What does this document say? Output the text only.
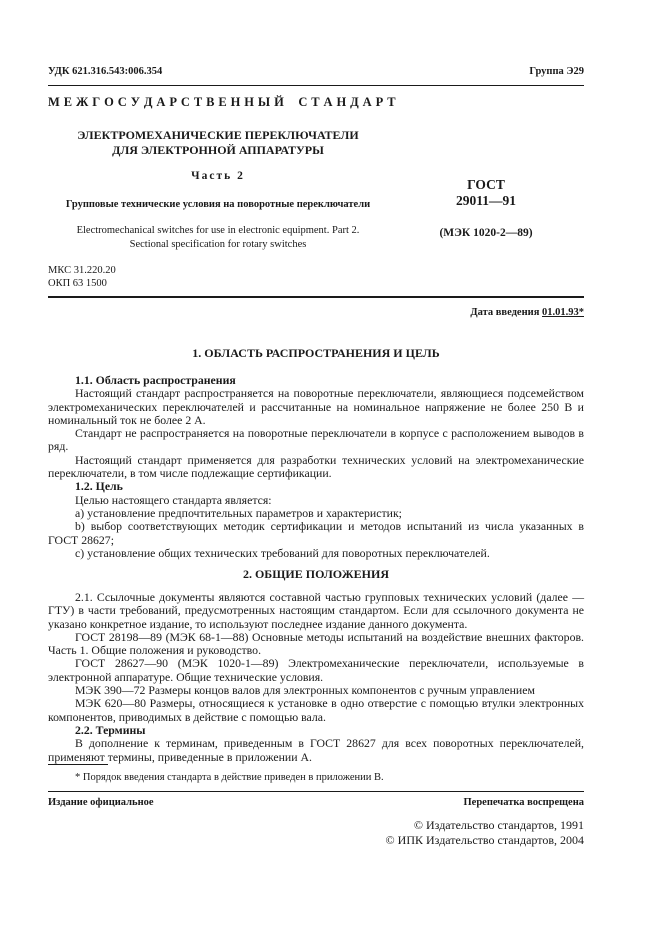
УДК 621.316.543:006.354	Группа Э29
М Е Ж Г О С У Д А Р С Т В Е Н Н Ы Й    С Т А Н Д А Р Т
ЭЛЕКТРОМЕХАНИЧЕСКИЕ ПЕРЕКЛЮЧАТЕЛИ
ДЛЯ ЭЛЕКТРОННОЙ АППАРАТУРЫ
Часть 2
Групповые технические условия на поворотные переключатели
Electromechanical switches for use in electronic equipment. Part 2.
Sectional specification for rotary switches
ГОСТ
29011—91
(МЭК 1020-2—89)
МКС 31.220.20
ОКП 63 1500
Дата введения 01.01.93*
1. ОБЛАСТЬ РАСПРОСТРАНЕНИЯ И ЦЕЛЬ

1.1. Область распространения

Настоящий стандарт распространяется на поворотные переключатели, являющиеся подсемейством электромеханических переключателей и рассчитанные на номинальное напряжение не более 250 В и номинальный ток не более 2 А.

Стандарт не распространяется на поворотные переключатели в корпусе с расположением выводов в ряд.

Настоящий стандарт применяется для разработки технических условий на электромеханические переключатели, в том числе подлежащие сертификации.

1.2. Цель

Целью настоящего стандарта является:

a) установление предпочтительных параметров и характеристик;

b) выбор соответствующих методик сертификации и методов испытаний из числа указанных в ГОСТ 28627;

c) установление общих технических требований для поворотных переключателей.

2. ОБЩИЕ ПОЛОЖЕНИЯ

2.1. Ссылочные документы являются составной частью групповых технических условий (далее — ГТУ) в части требований, предусмотренных настоящим стандартом. Если для ссылочного документа не указано конкретное издание, то используют последнее издание данного документа.

ГОСТ 28198—89 (МЭК 68-1—88) Основные методы испытаний на воздействие внешних факторов. Часть 1. Общие положения и руководство.

ГОСТ 28627—90 (МЭК 1020-1—89) Электромеханические переключатели, используемые в электронной аппаратуре. Общие технические условия.

МЭК 390—72 Размеры концов валов для электронных компонентов с ручным управлением

МЭК 620—80 Размеры, относящиеся к установке в одно отверстие с помощью втулки электронных компонентов, приводимых в действие с помощью вала.

2.2. Термины

В дополнение к терминам, приведенным в ГОСТ 28627 для всех поворотных переключателей, применяют термины, приведенные в приложении А.

* Порядок введения стандарта в действие приведен в приложении В.
Издание официальное	Перепечатка воспрещена
© Издательство стандартов, 1991
© ИПК Издательство стандартов, 2004
